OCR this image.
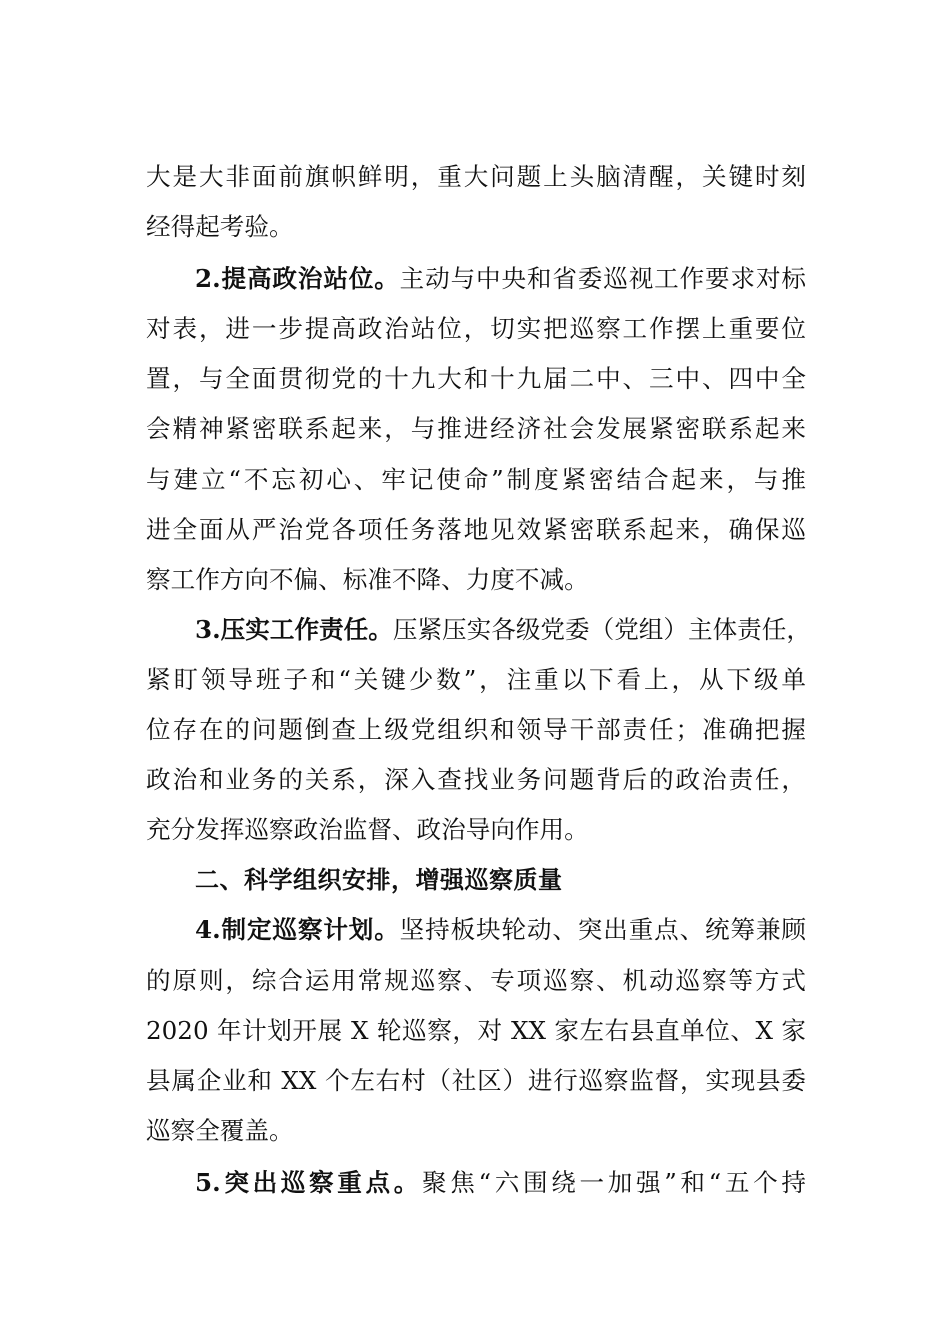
大是大非面前旗帜鲜明，重大问题上头脑清醒，关键时刻
经得起考验。
2.提高政治站位。主动与中央和省委巡视工作要求对标
对表，进一步提高政治站位，切实把巡察工作摆上重要位
置，与全面贯彻党的十九大和十九届二中、三中、四中全
会精神紧密联系起来，与推进经济社会发展紧密联系起来
与建立“不忘初心、牢记使命”制度紧密结合起来，与推
进全面从严治党各项任务落地见效紧密联系起来，确保巡
察工作方向不偏、标准不降、力度不减。
3.压实工作责任。压紧压实各级党委（党组）主体责任，
紧盯领导班子和“关键少数”，注重以下看上，从下级单
位存在的问题倒查上级党组织和领导干部责任；准确把握
政治和业务的关系，深入查找业务问题背后的政治责任，
充分发挥巡察政治监督、政治导向作用。
二、科学组织安排，增强巡察质量
4.制定巡察计划。坚持板块轮动、突出重点、统筹兼顾
的原则，综合运用常规巡察、专项巡察、机动巡察等方式
2020 年计划开展 X 轮巡察，对 XX 家左右县直单位、X 家
县属企业和 XX 个左右村（社区）进行巡察监督，实现县委
巡察全覆盖。
5.突出巡察重点。聚焦“六围绕一加强”和“五个持
